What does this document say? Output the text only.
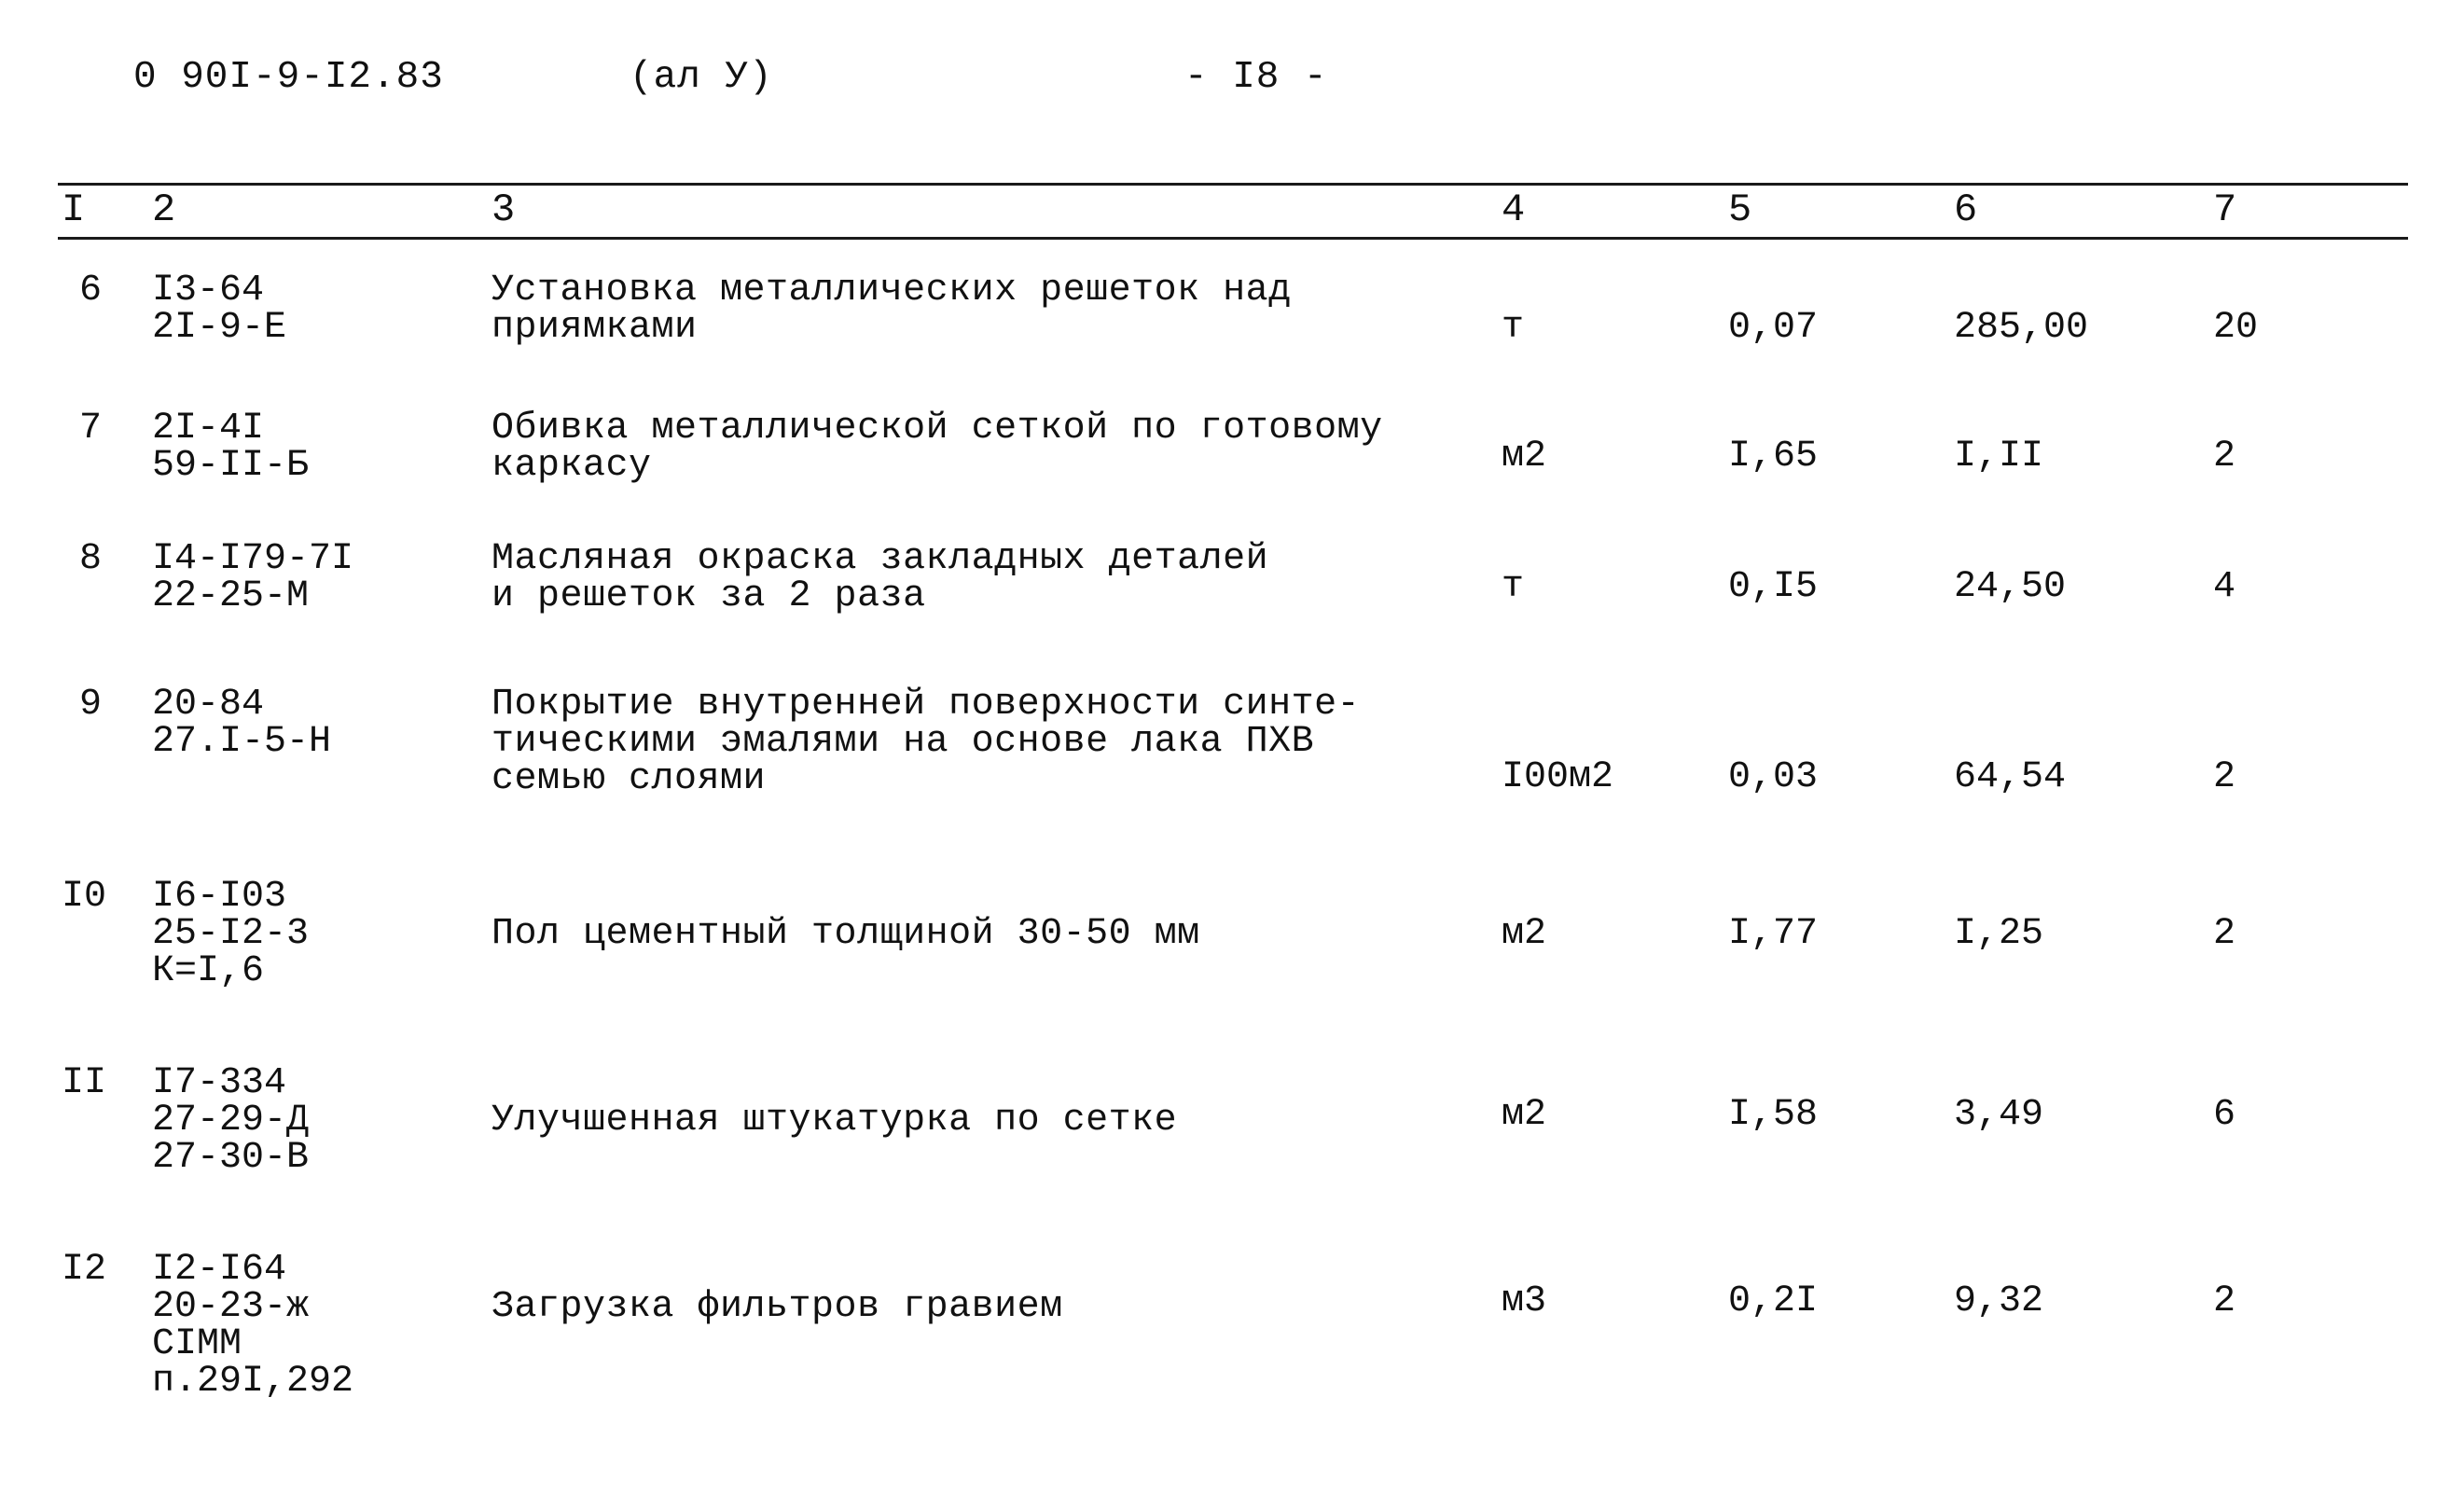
0 90I-9-I2.83	(ал У)	- I8 -
I 2	3	4	5	6	7
6 I3-64
2I-9-E
Установка металлических решеток над
приямками	т	0,07	285,00	20
7 2I-4I
59-II-Б
Обивка металлической сеткой по готовому
каркасу	м2	I,65	I,II	2
8 I4-I79-7I
22-25-М
Масляная окраска закладных деталей
и решеток за 2 раза	т	0,I5	24,50	4
9 20-84
27.I-5-Н
Покрытие внутренней поверхности синте-
тическими эмалями на основе лака ПХВ
семью слоями	I00м2	0,03	64,54	2
I0 I6-I03
25-I2-3
К=I,6
Пол цементный толщиной 30-50 мм	м2	I,77	I,25	2
II I7-334
27-29-Д
27-30-В
Улучшенная штукатурка по сетке	м2	I,58	3,49	6
I2 I2-I64
20-23-ж
СIММ
п.29I,292
Загрузка фильтров гравием	м3	0,2I	9,32	2
